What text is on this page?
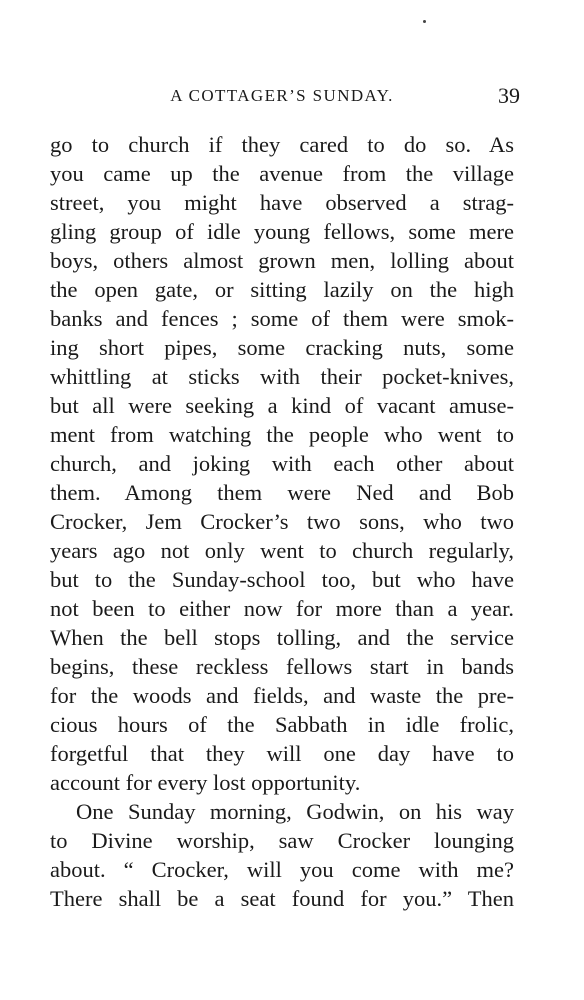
A COTTAGER’S SUNDAY.	39
go to church if they cared to do so. As
you came up the avenue from the village
street, you might have observed a strag-
gling group of idle young fellows, some mere
boys, others almost grown men, lolling about
the open gate, or sitting lazily on the high
banks and fences ; some of them were smok-
ing short pipes, some cracking nuts, some
whittling at sticks with their pocket-knives,
but all were seeking a kind of vacant amuse-
ment from watching the people who went to
church, and joking with each other about
them. Among them were Ned and Bob
Crocker, Jem Crocker’s two sons, who two
years ago not only went to church regularly,
but to the Sunday-school too, but who have
not been to either now for more than a year.
When the bell stops tolling, and the service
begins, these reckless fellows start in bands
for the woods and fields, and waste the pre-
cious hours of the Sabbath in idle frolic,
forgetful that they will one day have to
account for every lost opportunity.
One Sunday morning, Godwin, on his way
to Divine worship, saw Crocker lounging
about. “ Crocker, will you come with me?
There shall be a seat found for you.” Then
